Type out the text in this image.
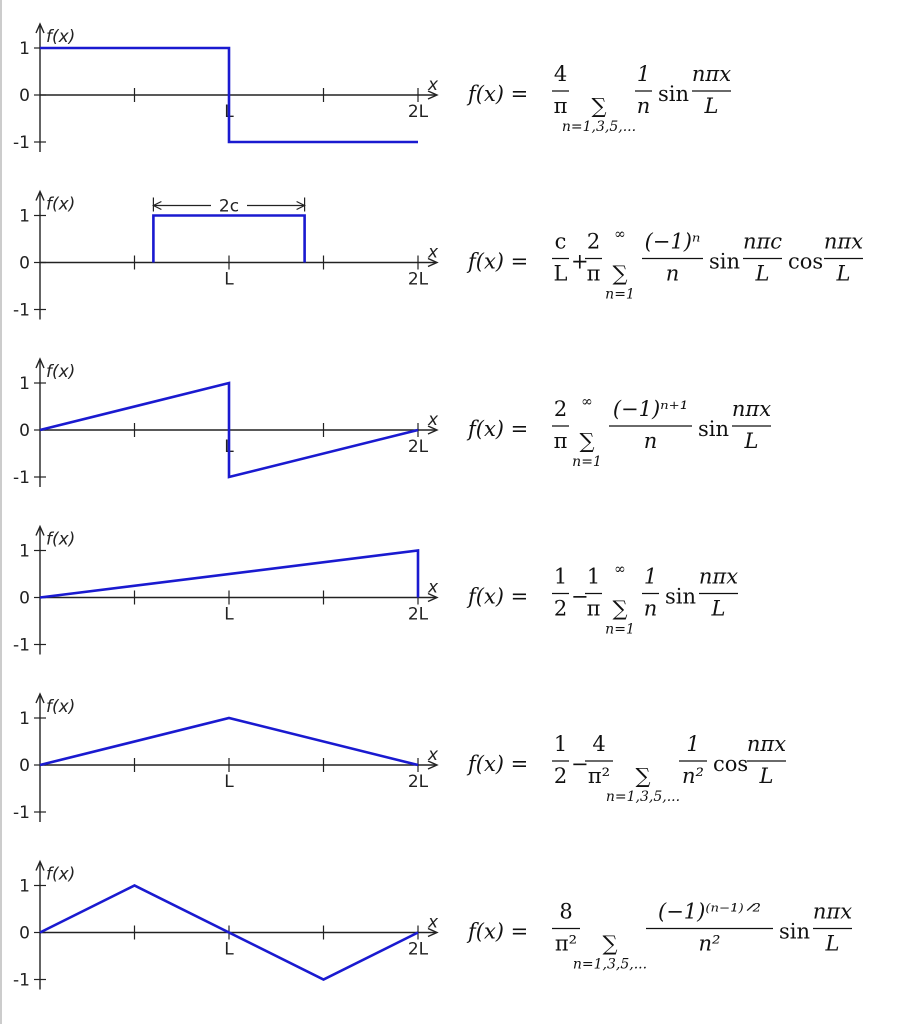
f(x)
x
1
0
-1
L	2L
f(x) =
4
π ∑
n=1,3,5,...
1
n sin
nπx
L
f(x)
x
1
0
-1
L	2L
2c
f(x) =
c
L +
2
π ∑
n=1
∞ (−1)ⁿ
n sin
nπc
L cos
nπx
L
f(x)
x
1
0
-1
L	2L
f(x) =
2
π ∑
n=1
∞ (−1)ⁿ⁺¹
n sin
nπx
L
f(x)
x
1
0
-1
L	2L
f(x) =
1
2 −
1
π ∑
n=1
∞ 1
n sin
nπx
L
f(x)
x
1
0
-1
L	2L
f(x) =
1
2 −
4
π² ∑
n=1,3,5,...
1
n² cos
nπx
L
f(x)
x
1
0
-1
L	2L
f(x) =
8
π² ∑
n=1,3,5,...
(−1)⁽ⁿ⁻¹⁾ᐟ²
n²	sin
nπx
L
